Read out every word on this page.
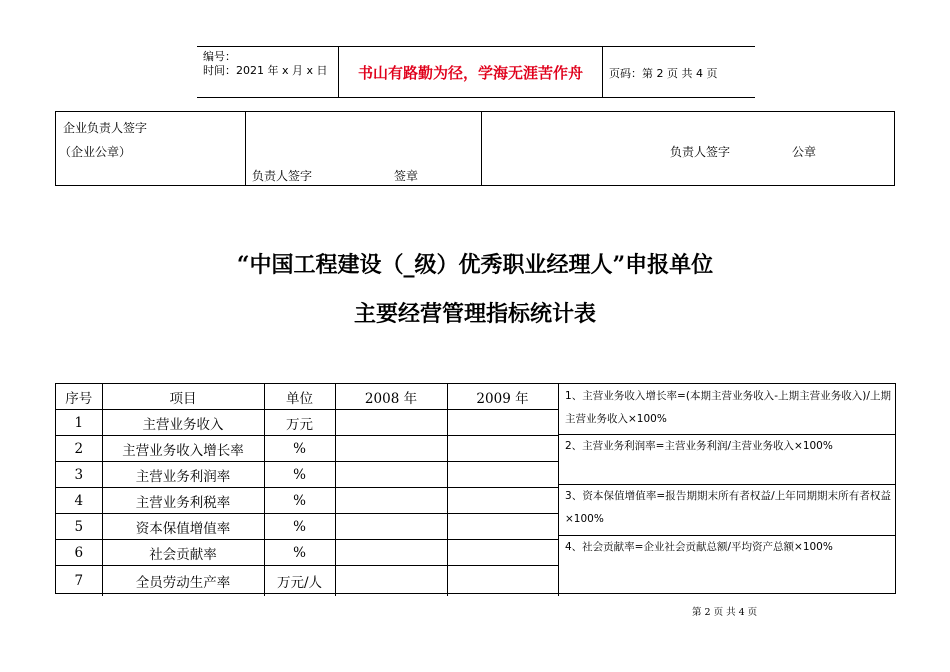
编号：
时间：2021 年 x 月 x 日	书山有路勤为径，学海无涯苦作舟	页码：第 2 页 共 4 页
企业负责人签字
（企业公章）
负责人签字	签章
负责人签字	公章
“中国工程建设（_级）优秀职业经理人”申报单位
主要经营管理指标统计表
序号	项目	单位	2008 年	2009 年
1	主营业务收入	万元		
2	主营业务收入增长率	%		
3	主营业务利润率	%		
4	主营业务利税率	%		
5	资本保值增值率	%		
6	社会贡献率	%		
7	全员劳动生产率	万元/人		
1、主营业务收入增长率=(本期主营业务收入-上期主营业务收入)/上期主营业务收入×100%
2、主营业务利润率=主营业务利润/主营业务收入×100%
3、资本保值增值率=报告期期末所有者权益/上年同期期末所有者权益×100%
4、社会贡献率=企业社会贡献总额/平均资产总额×100%
第 2 页 共 4 页
